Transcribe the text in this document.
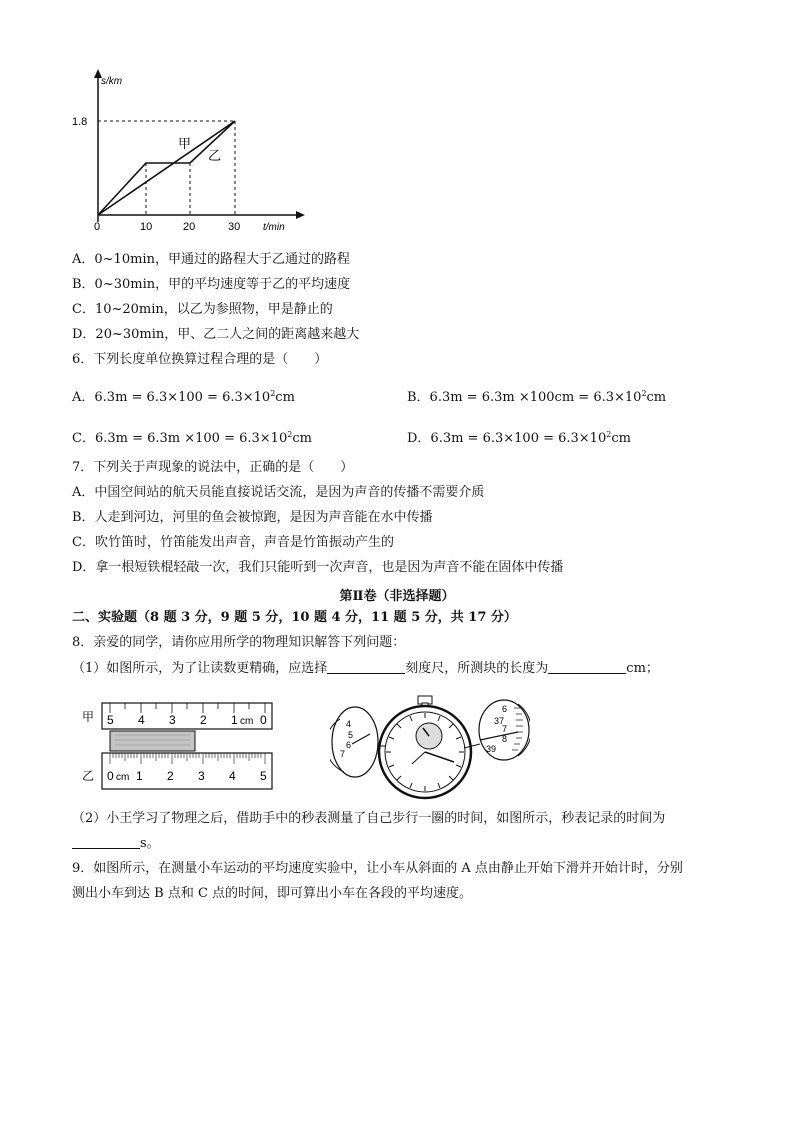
s/km
1.8
0	10	20	30 t/min
甲
乙
A．0~10min，甲通过的路程大于乙通过的路程
B．0~30min，甲的平均速度等于乙的平均速度
C．10~20min，以乙为参照物，甲是静止的
D．20~30min，甲、乙二人之间的距离越来越大
6．下列长度单位换算过程合理的是（　　）
A．$6.3m = 6.3\times 100 = 6.3\times 10^2cm$	B．$6.3m = 6.3m \times 100cm = 6.3\times 10^2cm$
C．$6.3m = 6.3m \times 100 = 6.3\times 10^2cm$	D．$6.3m = 6.3\times 100 = 6.3\times 10^2cm$
7．下列关于声现象的说法中，正确的是（　　）
A．中国空间站的航天员能直接说话交流，是因为声音的传播不需要介质
B．人走到河边，河里的鱼会被惊跑，是因为声音能在水中传播
C．吹竹笛时，竹笛能发出声音，声音是竹笛振动产生的
D．拿一根短铁棍轻敲一次，我们只能听到一次声音，也是因为声音不能在固体中传播
第Ⅱ卷（非选择题）
二、实验题（8 题 3 分，9 题 5 分，10 题 4 分，11 题 5 分，共 17 分）
8．亲爱的同学，请你应用所学的物理知识解答下列问题：
（1）如图所示，为了让读数更精确，应选择	刻度尺，所测块的长度为	cm；
甲 5 4 3 2 1 0
cm
乙 0 cm 1 2 3 4 5
4
5
6
7
6
37
7
8
39
（2）小王学习了物理之后，借助手中的秒表测量了自己步行一圈的时间，如图所示，秒表记录的时间为
s。
9．如图所示，在测量小车运动的平均速度实验中，让小车从斜面的 A 点由静止开始下滑并开始计时，分别
测出小车到达 B 点和 C 点的时间，即可算出小车在各段的平均速度。
